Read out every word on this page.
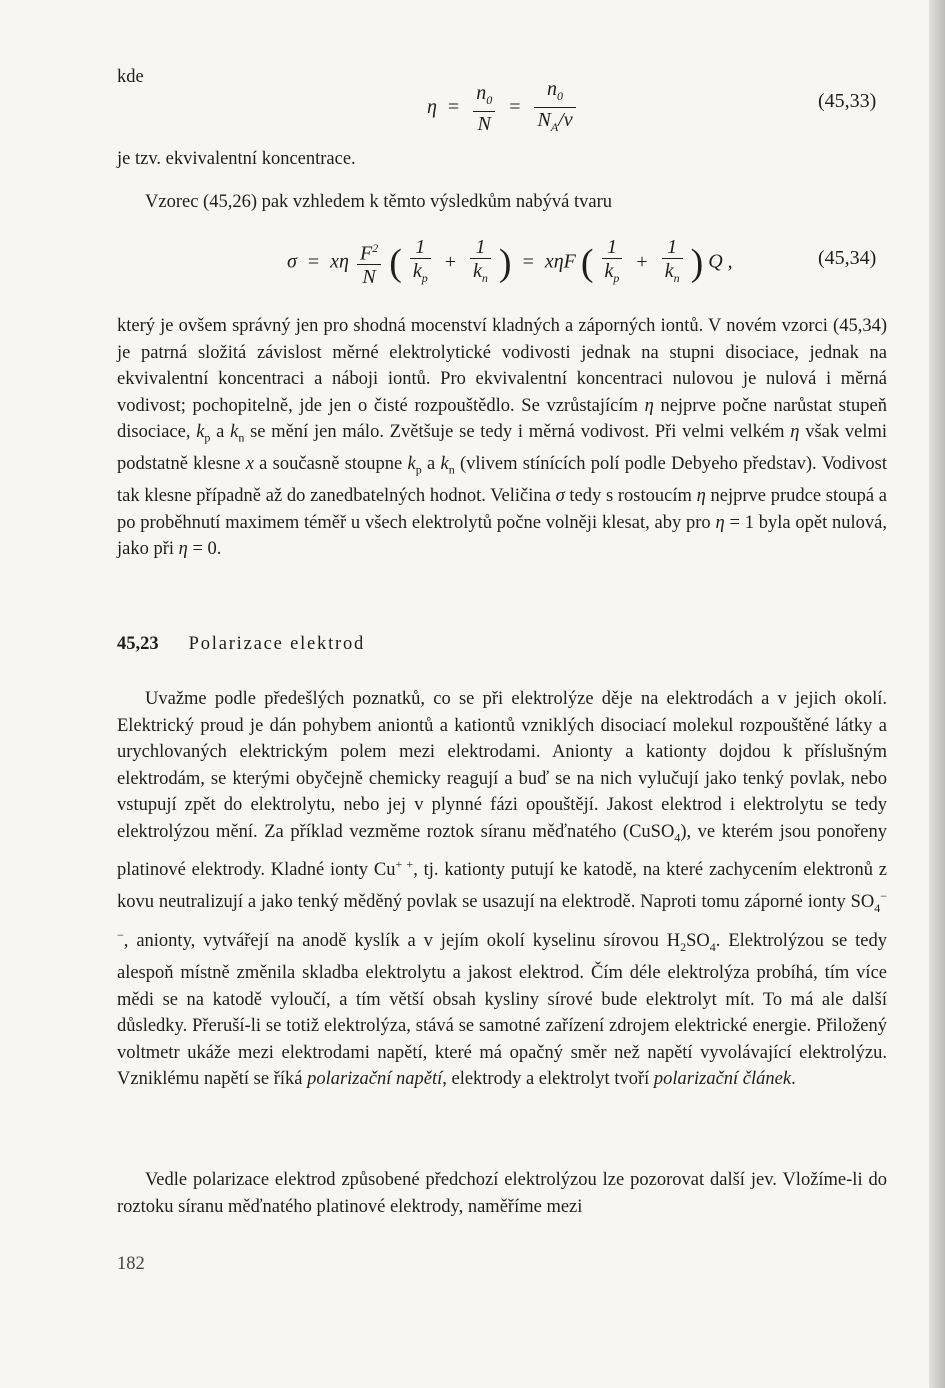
kde
$\eta = \frac{n_0}{N} = \frac{n_0}{N_A/v}$	(45,33)
je tzv. ekvivalentní koncentrace.
Vzorec (45,26) pak vzhledem k těmto výsledkům nabývá tvaru
σ = xη $\frac{F^2}{N}$ ( $\frac{1}{k_p} + \frac{1}{k_n}$ ) = xηF ( $\frac{1}{k_p} + \frac{1}{k_n}$ ) Q ,	(45,34)
který je ovšem správný jen pro shodná mocenství kladných a záporných iontů. V novém vzorci (45,34) je patrná složitá závislost měrné elektrolytické vodivosti jednak na stupni disociace, jednak na ekvivalentní koncentraci a náboji iontů. Pro ekvivalentní koncentraci nulovou je nulová i měrná vodivost; pochopitelně, jde jen o čisté rozpouštědlo. Se vzrůstajícím η nejprve počne narůstat stupeň disociace, $k_p$ a $k_n$ se mění jen málo. Zvětšuje se tedy i měrná vodivost. Při velmi velkém η však velmi podstatně klesne x a současně stoupne $k_p$ a $k_n$ (vlivem stínících polí podle Debyeho představ). Vodivost tak klesne případně až do zanedbatelných hodnot. Veličina σ tedy s rostoucím η nejprve prudce stoupá a po proběhnutí maximem téměř u všech elektrolytů počne volněji klesat, aby pro η = 1 byla opět nulová, jako při η = 0.
45,23 Polarizace elektrod
Uvažme podle předešlých poznatků, co se při elektrolýze děje na elektrodách a v jejich okolí. Elektrický proud je dán pohybem aniontů a kationtů vzniklých disociací molekul rozpouštěné látky a urychlovaných elektrickým polem mezi elektrodami. Anionty a kationty dojdou k příslušným elektrodám, se kterými obyčejně chemicky reagují a buď se na nich vylučují jako tenký povlak, nebo vstupují zpět do elektrolytu, nebo jej v plynné fázi opouštějí. Jakost elektrod i elektrolytu se tedy elektrolýzou mění. Za příklad vezměme roztok síranu měďnatého (CuSO$_4$), ve kterém jsou ponořeny platinové elektrody. Kladné ionty Cu+ +, tj. kationty putují ke katodě, na které zachycením elektronů z kovu neutralizují a jako tenký měděný povlak se usazují na elektrodě. Naproti tomu záporné ionty $SO_4^{- -}$, anionty, vytvářejí na anodě kyslík a v jejím okolí kyselinu sírovou $H_2SO_4$. Elektrolýzou se tedy alespoň místně změnila skladba elektrolytu a jakost elektrod. Čím déle elektrolýza probíhá, tím více mědi se na katodě vyloučí, a tím větší obsah kysliny sírové bude elektrolyt mít. To má ale další důsledky. Přeruší-li se totiž elektrolýza, stává se samotné zařízení zdrojem elektrické energie. Přiložený voltmetr ukáže mezi elektrodami napětí, které má opačný směr než napětí vyvolávající elektrolýzu. Vzniklému napětí se říká polarizační napětí, elektrody a elektrolyt tvoří polarizační článek.
Vedle polarizace elektrod způsobené předchozí elektrolýzou lze pozorovat další jev. Vložíme-li do roztoku síranu měďnatého platinové elektrody, naměříme mezi
182
